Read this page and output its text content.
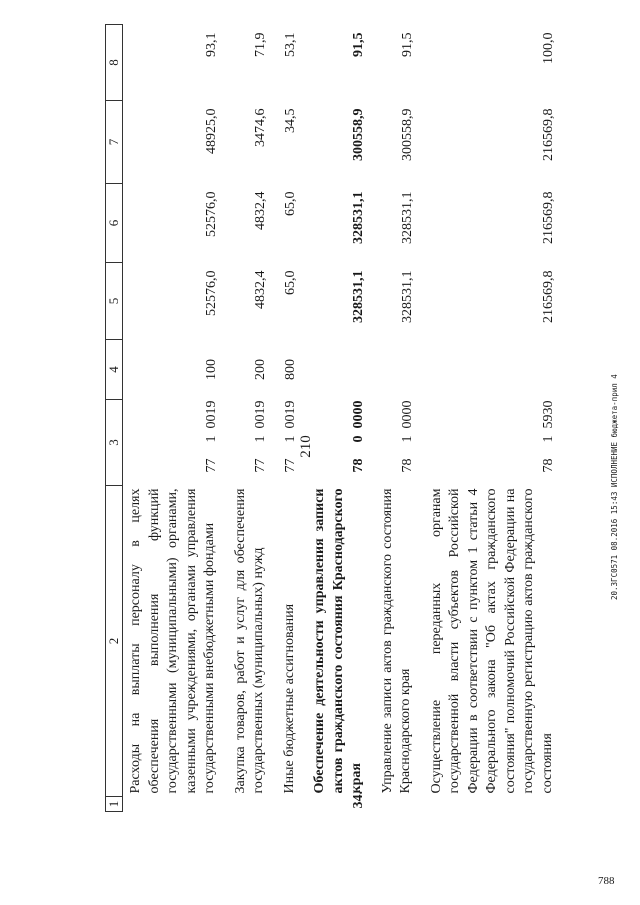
210
788
20.3ГС0571 08.2016 15:43 ИСПОЛНЕНИЕ бюджета-прил 4
1	2	3		4	5	6	7	8
	Расходы на выплаты персоналу в целях обеспечения выполнения функций государственными (муниципальными) органами, казенными учреждениями, органами управления государственными внебюджетными фондами	77	1  0019	100	52576,0	52576,0	48925,0	93,1
	Закупка товаров, работ и услуг для обеспечения государственных (муниципальных) нужд	77	1  0019	200	4832,4	4832,4	3474,6	71,9
	Иные бюджетные ассигнования	77	1  0019	800	65,0	65,0	34,5	53,1
34.	Обеспечение деятельности управления записи актов гражданского состояния Краснодарского края	78	0  0000		328531,1	328531,1	300558,9	91,5
	Управление записи актов гражданского состояния Краснодарского края	78	1  0000		328531,1	328531,1	300558,9	91,5
	Осуществление переданных органам государственной власти субъектов Российской Федерации в соответствии с пунктом 1 статьи 4 Федерального закона "Об актах гражданского состояния" полномочий Российской Федерации на государственную регистрацию актов гражданского состояния	78	1  5930		216569,8	216569,8	216569,8	100,0
